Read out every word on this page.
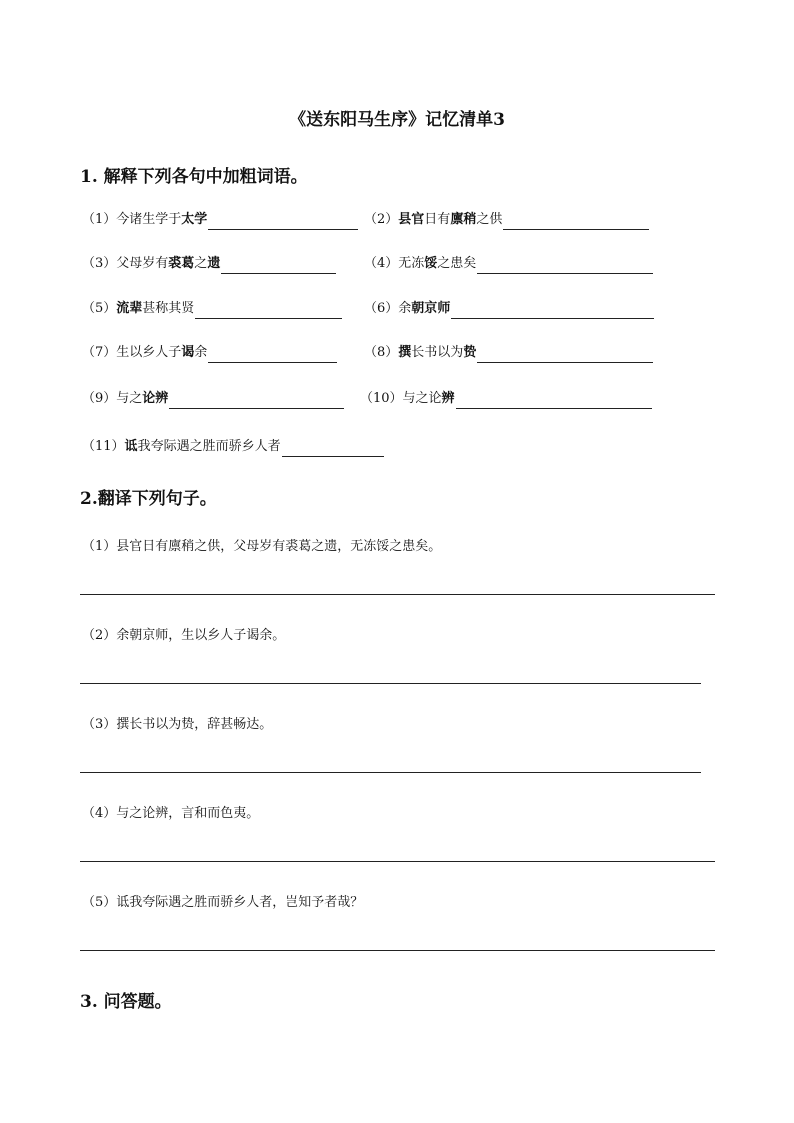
《送东阳马生序》记忆清单3
1. 解释下列各句中加粗词语。
（1）今诸生学于太学	（2）县官日有廪稍之供
（3）父母岁有裘葛之遗	（4）无冻馁之患矣
（5）流辈甚称其贤	（6）余朝京师
（7）生以乡人子谒余	（8）撰长书以为贽
（9）与之论辨	（10）与之论辨
（11）诋我夸际遇之胜而骄乡人者
2.翻译下列句子。
（1）县官日有廪稍之供，父母岁有裘葛之遗，无冻馁之患矣。
（2）余朝京师，生以乡人子谒余。
（3）撰长书以为贽，辞甚畅达。
（4）与之论辨，言和而色夷。
（5）诋我夸际遇之胜而骄乡人者，岂知予者哉？
3. 问答题。
